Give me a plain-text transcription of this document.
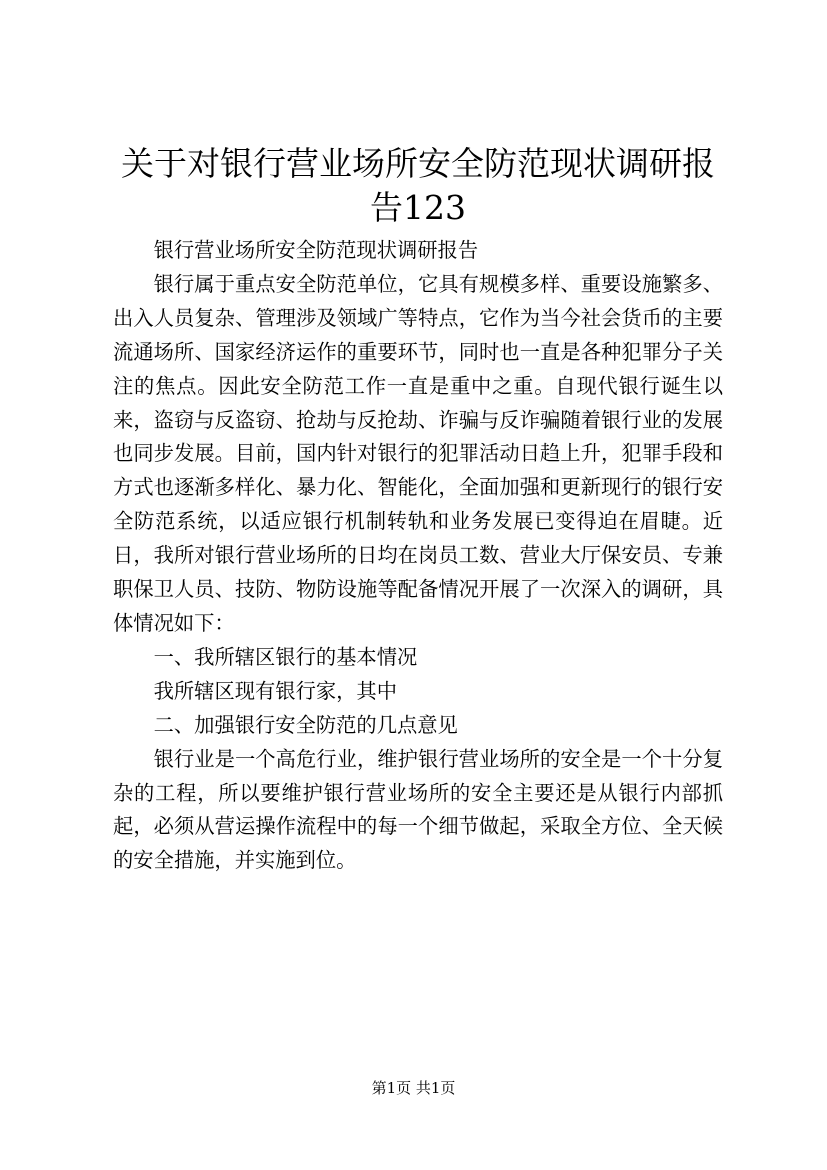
关于对银行营业场所安全防范现状调研报告123

银行营业场所安全防范现状调研报告

银行属于重点安全防范单位，它具有规模多样、重要设施繁多、出入人员复杂、管理涉及领域广等特点，它作为当今社会货币的主要流通场所、国家经济运作的重要环节，同时也一直是各种犯罪分子关注的焦点。因此安全防范工作一直是重中之重。自现代银行诞生以来，盗窃与反盗窃、抢劫与反抢劫、诈骗与反诈骗随着银行业的发展也同步发展。目前，国内针对银行的犯罪活动日趋上升，犯罪手段和方式也逐渐多样化、暴力化、智能化，全面加强和更新现行的银行安全防范系统，以适应银行机制转轨和业务发展已变得迫在眉睫。近日，我所对银行营业场所的日均在岗员工数、营业大厅保安员、专兼职保卫人员、技防、物防设施等配备情况开展了一次深入的调研，具体情况如下：

一、我所辖区银行的基本情况

我所辖区现有银行家，其中

二、加强银行安全防范的几点意见

银行业是一个高危行业，维护银行营业场所的安全是一个十分复杂的工程，所以要维护银行营业场所的安全主要还是从银行内部抓起，必须从营运操作流程中的每一个细节做起，采取全方位、全天候的安全措施，并实施到位。

第1页 共1页
